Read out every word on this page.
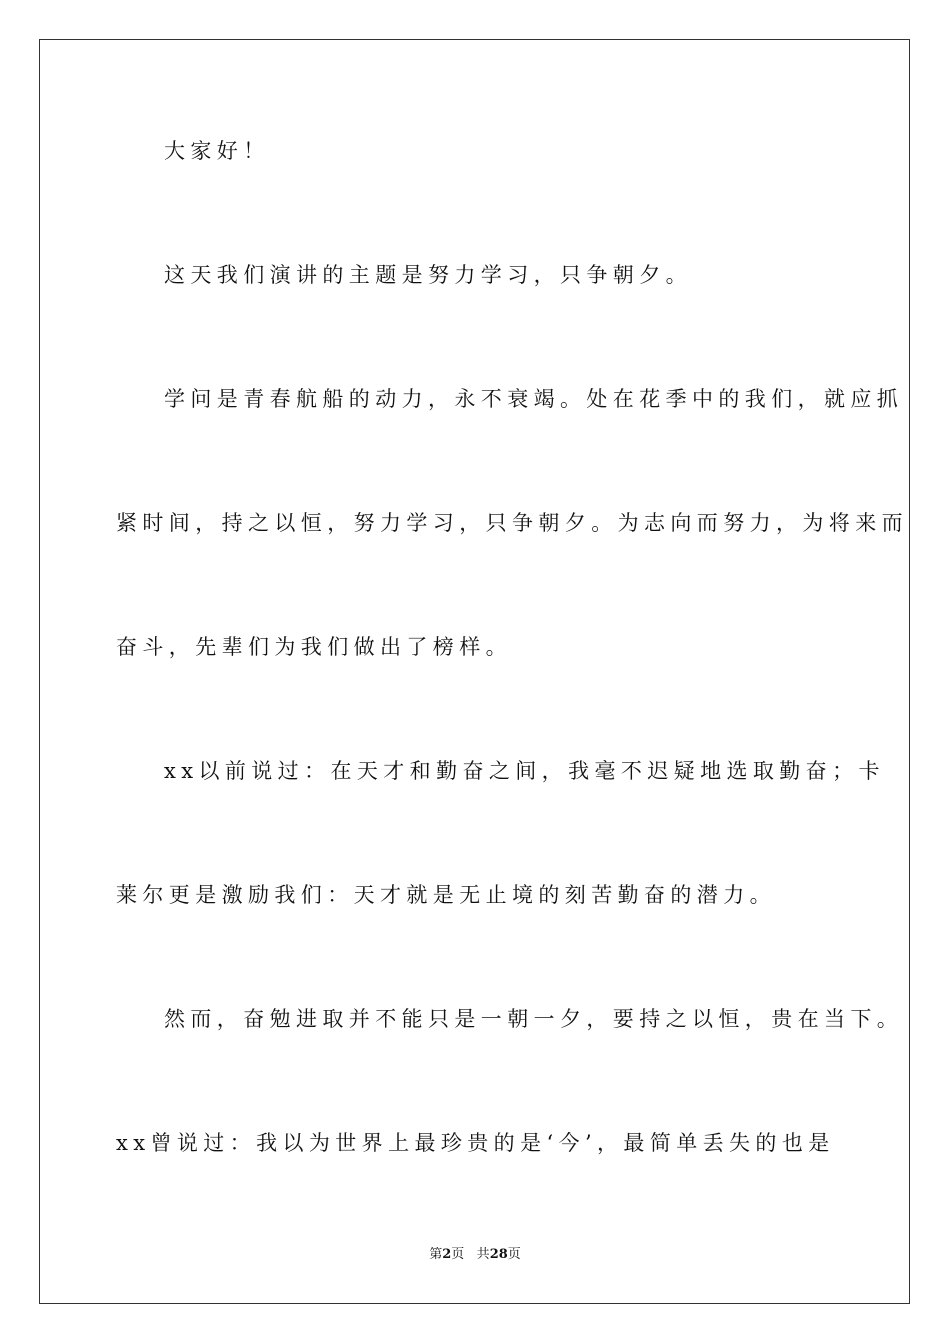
大家好！
这天我们演讲的主题是努力学习，只争朝夕。
学问是青春航船的动力，永不衰竭。处在花季中的我们，就应抓
紧时间，持之以恒，努力学习，只争朝夕。为志向而努力，为将来而
奋斗，先辈们为我们做出了榜样。
xx以前说过：在天才和勤奋之间，我毫不迟疑地选取勤奋；卡
莱尔更是激励我们：天才就是无止境的刻苦勤奋的潜力。
然而，奋勉进取并不能只是一朝一夕，要持之以恒，贵在当下。
xx曾说过：我以为世界上最珍贵的是‘今’，最简单丢失的也是
第2页 共28页
